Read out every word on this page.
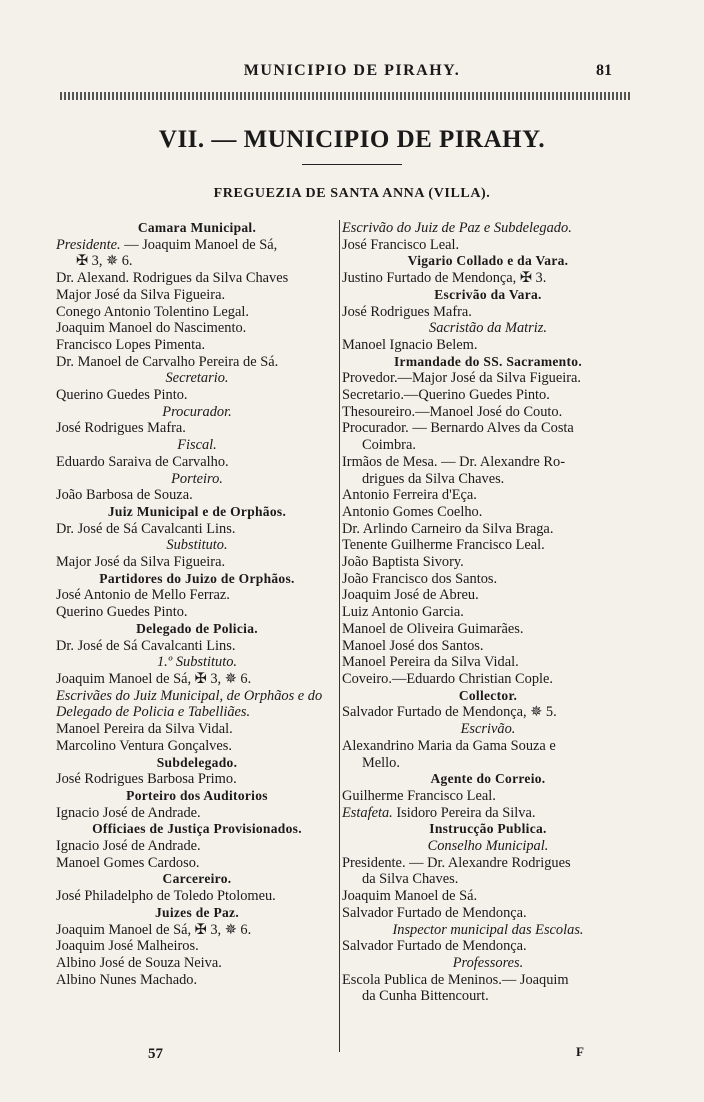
MUNICIPIO DE PIRAHY.	81
VII. — MUNICIPIO DE PIRAHY.
FREGUEZIA DE SANTA ANNA (VILLA).
Camara Municipal.
Presidente. — Joaquim Manoel de Sá,
✠ 3, ✵ 6.
Dr. Alexand. Rodrigues da Silva Chaves
Major José da Silva Figueira.
Conego Antonio Tolentino Legal.
Joaquim Manoel do Nascimento.
Francisco Lopes Pimenta.
Dr. Manoel de Carvalho Pereira de Sá.
Secretario.
Querino Guedes Pinto.
Procurador.
José Rodrigues Mafra.
Fiscal.
Eduardo Saraiva de Carvalho.
Porteiro.
João Barbosa de Souza.
Juiz Municipal e de Orphãos.
Dr. José de Sá Cavalcanti Lins.
Substituto.
Major José da Silva Figueira.
Partidores do Juizo de Orphãos.
José Antonio de Mello Ferraz.
Querino Guedes Pinto.
Delegado de Policia.
Dr. José de Sá Cavalcanti Lins.
1.º Substituto.
Joaquim Manoel de Sá, ✠ 3, ✵ 6.
Escrivães do Juiz Municipal, de Orphãos e do Delegado de Policia e Tabelliães.
Manoel Pereira da Silva Vidal.
Marcolino Ventura Gonçalves.
Subdelegado.
José Rodrigues Barbosa Primo.
Porteiro dos Auditorios
Ignacio José de Andrade.
Officiaes de Justiça Provisionados.
Ignacio José de Andrade.
Manoel Gomes Cardoso.
Carcereiro.
José Philadelpho de Toledo Ptolomeu.
Juizes de Paz.
Joaquim Manoel de Sá, ✠ 3, ✵ 6.
Joaquim José Malheiros.
Albino José de Souza Neiva.
Albino Nunes Machado.
Escrivão do Juiz de Paz e Subdelegado.
José Francisco Leal.
Vigario Collado e da Vara.
Justino Furtado de Mendonça, ✠ 3.
Escrivão da Vara.
José Rodrigues Mafra.
Sacristão da Matriz.
Manoel Ignacio Belem.
Irmandade do SS. Sacramento.
Provedor.—Major José da Silva Figueira.
Secretario.—Querino Guedes Pinto.
Thesoureiro.—Manoel José do Couto.
Procurador. — Bernardo Alves da Costa
Coimbra.
Irmãos de Mesa. — Dr. Alexandre Ro-
drigues da Silva Chaves.
Antonio Ferreira d'Eça.
Antonio Gomes Coelho.
Dr. Arlindo Carneiro da Silva Braga.
Tenente Guilherme Francisco Leal.
João Baptista Sivory.
João Francisco dos Santos.
Joaquim José de Abreu.
Luiz Antonio Garcia.
Manoel de Oliveira Guimarães.
Manoel José dos Santos.
Manoel Pereira da Silva Vidal.
Coveiro.—Eduardo Christian Cople.
Collector.
Salvador Furtado de Mendonça, ✵ 5.
Escrivão.
Alexandrino Maria da Gama Souza e
Mello.
Agente do Correio.
Guilherme Francisco Leal.
Estafeta. Isidoro Pereira da Silva.
Instrucção Publica.
Conselho Municipal.
Presidente. — Dr. Alexandre Rodrigues
da Silva Chaves.
Joaquim Manoel de Sá.
Salvador Furtado de Mendonça.
Inspector municipal das Escolas.
Salvador Furtado de Mendonça.
Professores.
Escola Publica de Meninos.— Joaquim
da Cunha Bittencourt.
57	F
